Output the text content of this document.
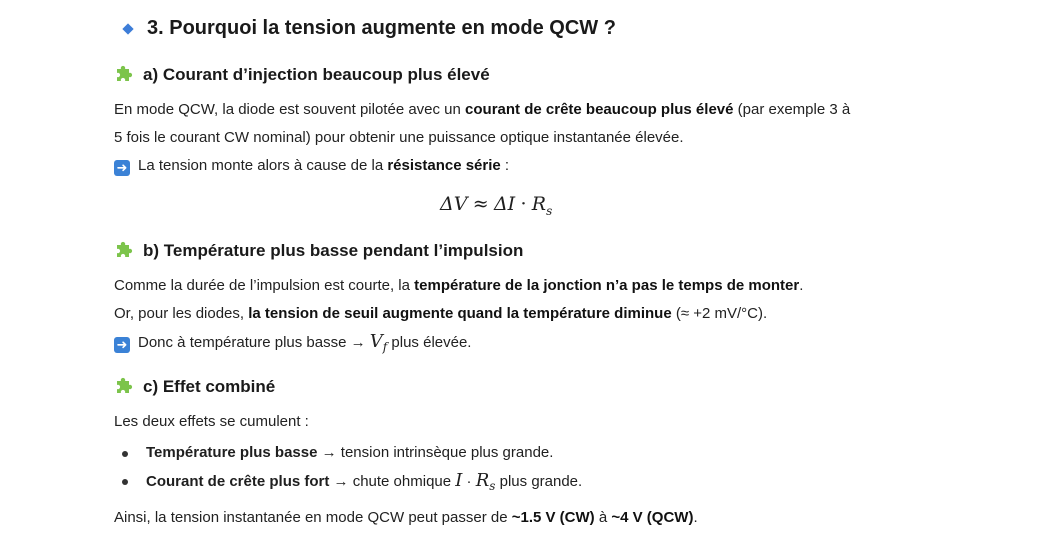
3. Pourquoi la tension augmente en mode QCW ?
a) Courant d’injection beaucoup plus élevé
En mode QCW, la diode est souvent pilotée avec un courant de crête beaucoup plus élevé (par exemple 3 à
5 fois le courant CW nominal) pour obtenir une puissance optique instantanée élevée.
➜ La tension monte alors à cause de la résistance série :
$\Delta V \approx \Delta I \cdot R_s$
b) Température plus basse pendant l’impulsion
Comme la durée de l’impulsion est courte, la température de la jonction n’a pas le temps de monter.
Or, pour les diodes, la tension de seuil augmente quand la température diminue (≈ +2 mV/°C).
➜ Donc à température plus basse → $V_f$ plus élevée.
c) Effet combiné
Les deux effets se cumulent :
Température plus basse → tension intrinsèque plus grande.
Courant de crête plus fort → chute ohmique $I \cdot R_s$ plus grande.
Ainsi, la tension instantanée en mode QCW peut passer de ~1.5 V (CW) à ~4 V (QCW).
